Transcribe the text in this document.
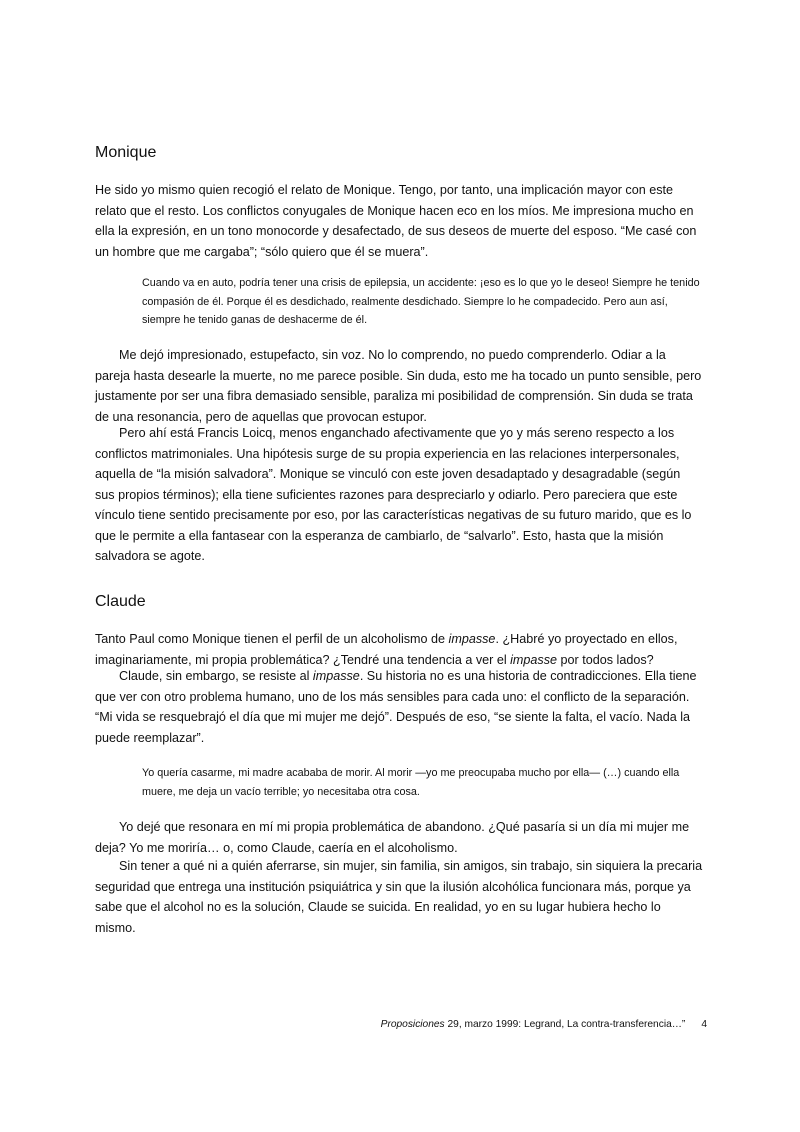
Monique

He sido yo mismo quien recogió el relato de Monique. Tengo, por tanto, una implicación mayor con este relato que el resto. Los conflictos conyugales de Monique hacen eco en los míos. Me impresiona mucho en ella la expresión, en un tono monocorde y desafectado, de sus deseos de muerte del esposo. “Me casé con un hombre que me cargaba”; “sólo quiero que él se muera”.

Cuando va en auto, podría tener una crisis de epilepsia, un accidente: ¡eso es lo que yo le deseo! Siempre he tenido compasión de él. Porque él es desdichado, realmente desdichado. Siempre lo he compadecido. Pero aun así, siempre he tenido ganas de deshacerme de él.

Me dejó impresionado, estupefacto, sin voz. No lo comprendo, no puedo comprenderlo. Odiar a la pareja hasta desearle la muerte, no me parece posible. Sin duda, esto me ha tocado un punto sensible, pero justamente por ser una fibra demasiado sensible, paraliza mi posibilidad de comprensión. Sin duda se trata de una resonancia, pero de aquellas que provocan estupor.

Pero ahí está Francis Loicq, menos enganchado afectivamente que yo y más sereno respecto a los conflictos matrimoniales. Una hipótesis surge de su propia experiencia en las relaciones interpersonales, aquella de “la misión salvadora”. Monique se vinculó con este joven desadaptado y desagradable (según sus propios términos); ella tiene suficientes razones para despreciarlo y odiarlo. Pero pareciera que este vínculo tiene sentido precisamente por eso, por las características negativas de su futuro marido, que es lo que le permite a ella fantasear con la esperanza de cambiarlo, de “salvarlo”. Esto, hasta que la misión salvadora se agote.

Claude

Tanto Paul como Monique tienen el perfil de un alcoholismo de impasse. ¿Habré yo proyectado en ellos, imaginariamente, mi propia problemática? ¿Tendré una tendencia a ver el impasse por todos lados?

Claude, sin embargo, se resiste al impasse. Su historia no es una historia de contradicciones. Ella tiene que ver con otro problema humano, uno de los más sensibles para cada uno: el conflicto de la separación. “Mi vida se resquebrajó el día que mi mujer me dejó”. Después de eso, “se siente la falta, el vacío. Nada la puede reemplazar”.

Yo quería casarme, mi madre acababa de morir. Al morir —yo me preocupaba mucho por ella— (…) cuando ella muere, me deja un vacío terrible; yo necesitaba otra cosa.

Yo dejé que resonara en mí mi propia problemática de abandono. ¿Qué pasaría si un día mi mujer me deja? Yo me moriría… o, como Claude, caería en el alcoholismo.

Sin tener a qué ni a quién aferrarse, sin mujer, sin familia, sin amigos, sin trabajo, sin siquiera la precaria seguridad que entrega una institución psiquiátrica y sin que la ilusión alcohólica funcionara más, porque ya sabe que el alcohol no es la solución, Claude se suicida. En realidad, yo en su lugar hubiera hecho lo mismo.

Proposiciones 29, marzo 1999: Legrand, La contra-transferencia…” 4
